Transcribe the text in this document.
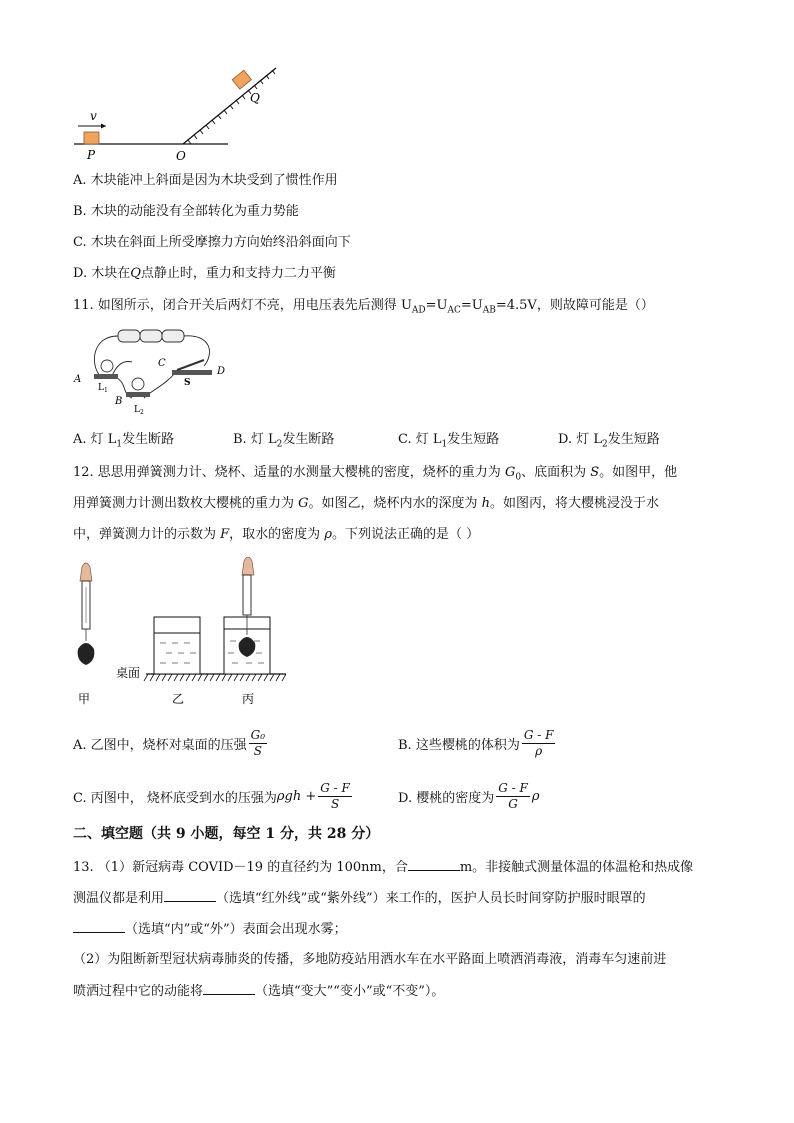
v
P	O
Q
A. 木块能冲上斜面是因为木块受到了惯性作用
B. 木块的动能没有全部转化为重力势能
C. 木块在斜面上所受摩擦力方向始终沿斜面向下
D. 木块在Q点静止时，重力和支持力二力平衡
11. 如图所示，闭合开关后两灯不亮，用电压表先后测得 $U_{AD}=U_{AC}=U_{AB}=4.5V$，则故障可能是（）
A
B
C
D
S
$L_1$
$L_2$
A. 灯 $L_1$发生断路	B. 灯 $L_2$发生断路	C. 灯 $L_1$发生短路	D. 灯 $L_2$发生短路
12. 思思用弹簧测力计、烧杯、适量的水测量大樱桃的密度，烧杯的重力为 $G_0$、底面积为 S。如图甲，他
用弹簧测力计测出数枚大樱桃的重力为 G。如图乙，烧杯内水的深度为 h。如图丙，将大樱桃浸没于水
中，弹簧测力计的示数为 F，取水的密度为 ρ。下列说法正确的是（ ）
桌面
甲	乙	丙
A. 乙图中，烧杯对桌面的压强 $\frac{\text{G₀}}{S}$	B. 这些樱桃的体积为 $\frac{G - F}{\rho}$
C. 丙图中， 烧杯底受到水的压强为$\rho gh + \frac{G - F}{S}$	D. 樱桃的密度为 $\frac{G - F}{G}$ ρ
二、填空题（共 9 小题，每空 1 分，共 28 分）
13. （1）新冠病毒 COVID－19 的直径约为 100nm，合	m。非接触式测量体温的体温枪和热成像
测温仪都是利用	（选填“红外线”或“紫外线”）来工作的，医护人员长时间穿防护服时眼罩的
（选填“内”或“外”）表面会出现水雾；
（2）为阻断新型冠状病毒肺炎的传播，多地防疫站用洒水车在水平路面上喷洒消毒液，消毒车匀速前进
喷洒过程中它的动能将	（选填“变大”“变小”或“不变”）。
